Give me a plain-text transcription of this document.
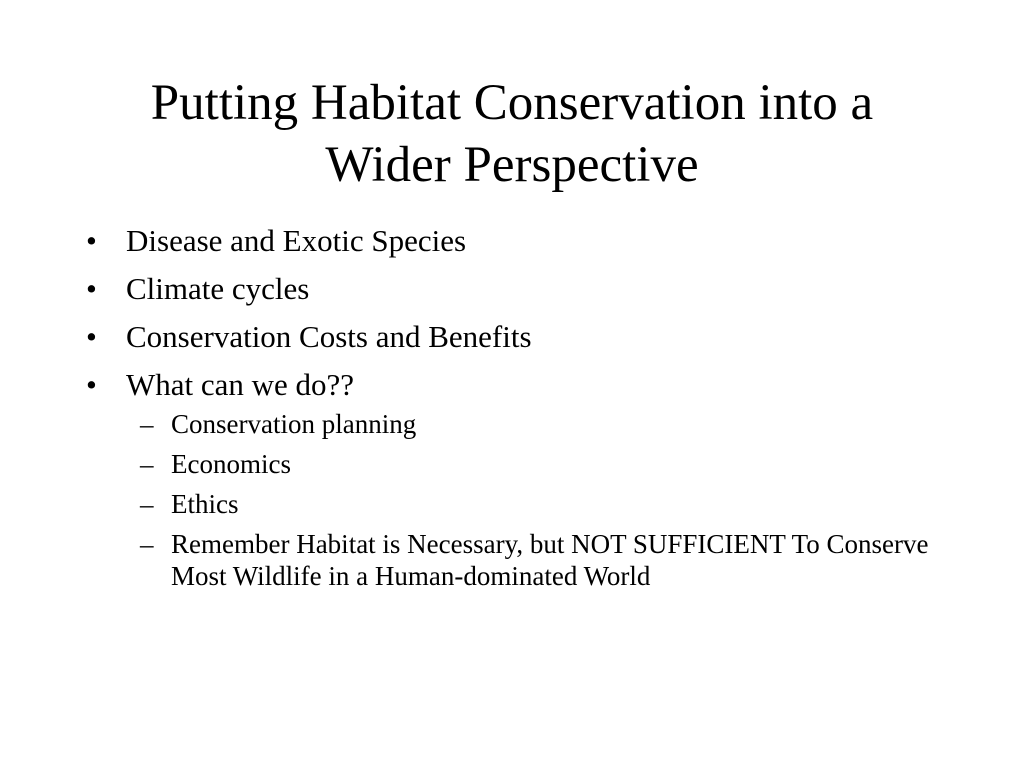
Putting Habitat Conservation into a
Wider Perspective
• Disease and Exotic Species
• Climate cycles
• Conservation Costs and Benefits
• What can we do??
– Conservation planning
– Economics
– Ethics
– Remember Habitat is Necessary, but NOT SUFFICIENT To Conserve Most Wildlife in a Human-dominated World
